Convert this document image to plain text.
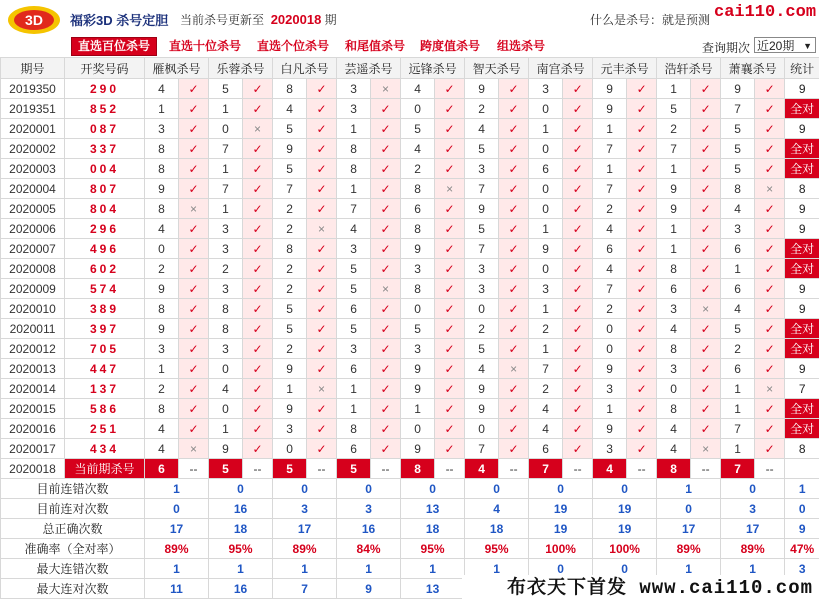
3D 福彩3D 杀号定胆 当前杀号更新至 2020018 期	什么是杀号：就是预测 cai110.com
直选百位杀号	直选十位杀号 直选个位杀号 和尾值杀号 跨度值杀号 组选杀号	查询期次 近20期 ▼
期号	开奖号码	雁枫杀号		乐蓉杀号		白凡杀号		芸遥杀号		远锋杀号		智天杀号		南宫杀号		元丰杀号		浩轩杀号		萧襄杀号		统计
2019350	290	4	✓	5	✓	8	✓	3	×	4	✓	9	✓	3	✓	9	✓	1	✓	9	✓	9
2019351	852	1	✓	1	✓	4	✓	3	✓	0	✓	2	✓	0	✓	9	✓	5	✓	7	✓	全对
2020001	087	3	✓	0	×	5	✓	1	✓	5	✓	4	✓	1	✓	1	✓	2	✓	5	✓	9
2020002	337	8	✓	7	✓	9	✓	8	✓	4	✓	5	✓	0	✓	7	✓	7	✓	5	✓	全对
2020003	004	8	✓	1	✓	5	✓	8	✓	2	✓	3	✓	6	✓	1	✓	1	✓	5	✓	全对
2020004	807	9	✓	7	✓	7	✓	1	✓	8	×	7	✓	0	✓	7	✓	9	✓	8	×	8
2020005	804	8	×	1	✓	2	✓	7	✓	6	✓	9	✓	0	✓	2	✓	9	✓	4	✓	9
2020006	296	4	✓	3	✓	2	×	4	✓	8	✓	5	✓	1	✓	4	✓	1	✓	3	✓	9
2020007	496	0	✓	3	✓	8	✓	3	✓	9	✓	7	✓	9	✓	6	✓	1	✓	6	✓	全对
2020008	602	2	✓	2	✓	2	✓	5	✓	3	✓	3	✓	0	✓	4	✓	8	✓	1	✓	全对
2020009	574	9	✓	3	✓	2	✓	5	×	8	✓	3	✓	3	✓	7	✓	6	✓	6	✓	9
2020010	389	8	✓	8	✓	5	✓	6	✓	0	✓	0	✓	1	✓	2	✓	3	×	4	✓	9
2020011	397	9	✓	8	✓	5	✓	5	✓	5	✓	2	✓	2	✓	0	✓	4	✓	5	✓	全对
2020012	705	3	✓	3	✓	2	✓	3	✓	3	✓	5	✓	1	✓	0	✓	8	✓	2	✓	全对
2020013	447	1	✓	0	✓	9	✓	6	✓	9	✓	4	×	7	✓	9	✓	3	✓	6	✓	9
2020014	137	2	✓	4	✓	1	×	1	✓	9	✓	9	✓	2	✓	3	✓	0	✓	1	×	7
2020015	586	8	✓	0	✓	9	✓	1	✓	1	✓	9	✓	4	✓	1	✓	8	✓	1	✓	全对
2020016	251	4	✓	1	✓	3	✓	8	✓	0	✓	0	✓	4	✓	9	✓	4	✓	7	✓	全对
2020017	434	4	×	9	✓	0	✓	6	✓	9	✓	7	✓	6	✓	3	✓	4	×	1	✓	8
2020018	当前期杀号	6	--	5	--	5	--	5	--	8	--	4	--	7	--	4	--	8	--	7	--	
目前连错次数		1		0		0		0		0		0		0		0		1		0		1
目前连对次数		0		16		3		3		13		4		19		19		0		3		0
总正确次数		17		18		17		16		18		18		19		19		17		17		9
准确率（全对率）		89%		95%		89%		84%		95%		95%		100%		100%		89%		89%		47%
最大连错次数		1		1		1		1		1		1		0		0		1		1		3
最大连对次数		11		16		7		9		13													布衣天下首发 www.cai110.com
